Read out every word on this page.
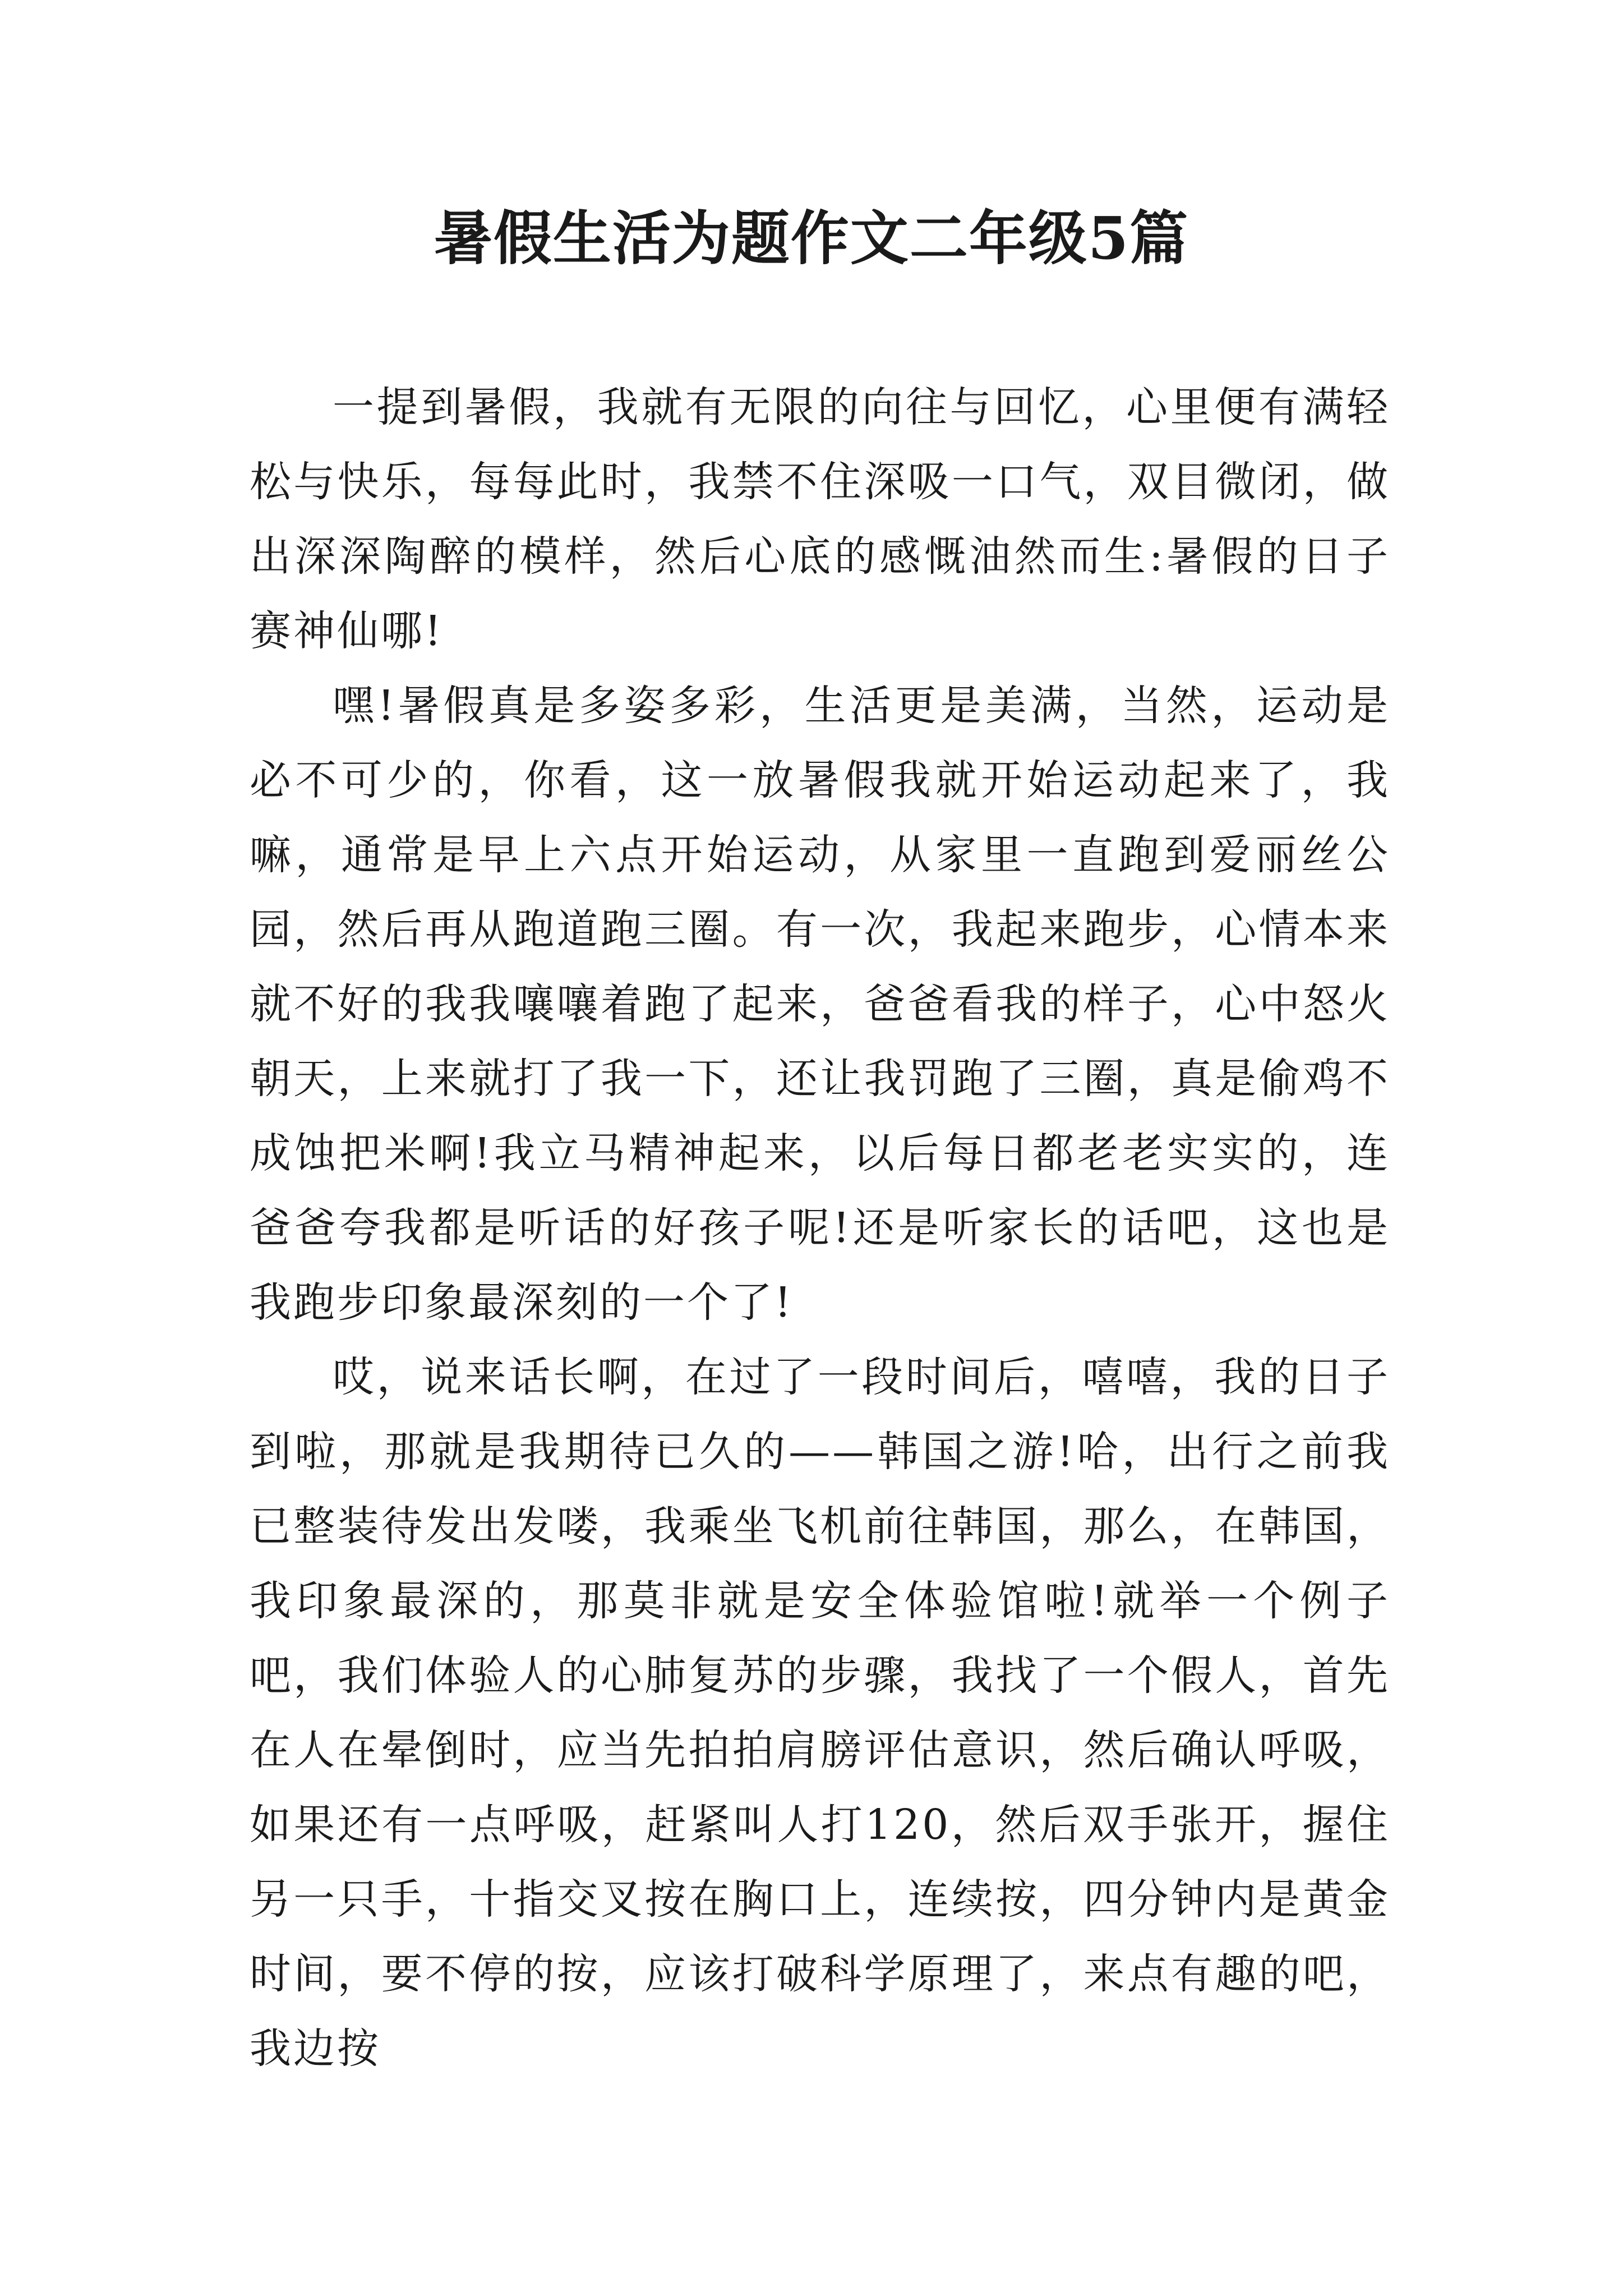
暑假生活为题作文二年级5篇

一提到暑假，我就有无限的向往与回忆，心里便有满轻松与快乐，每每此时，我禁不住深吸一口气，双目微闭，做出深深陶醉的模样，然后心底的感慨油然而生:暑假的日子赛神仙哪!

嘿!暑假真是多姿多彩，生活更是美满，当然，运动是必不可少的，你看，这一放暑假我就开始运动起来了，我嘛，通常是早上六点开始运动，从家里一直跑到爱丽丝公园，然后再从跑道跑三圈。有一次，我起来跑步，心情本来就不好的我我嚷嚷着跑了起来，爸爸看我的样子，心中怒火朝天，上来就打了我一下，还让我罚跑了三圈，真是偷鸡不成蚀把米啊!我立马精神起来，以后每日都老老实实的，连爸爸夸我都是听话的好孩子呢!还是听家长的话吧，这也是我跑步印象最深刻的一个了!

哎，说来话长啊，在过了一段时间后，嘻嘻，我的日子到啦，那就是我期待已久的——韩国之游!哈，出行之前我已整装待发出发喽，我乘坐飞机前往韩国，那么，在韩国，我印象最深的，那莫非就是安全体验馆啦!就举一个例子吧，我们体验人的心肺复苏的步骤，我找了一个假人，首先在人在晕倒时，应当先拍拍肩膀评估意识，然后确认呼吸，如果还有一点呼吸，赶紧叫人打120，然后双手张开，握住另一只手，十指交叉按在胸口上，连续按，四分钟内是黄金时间，要不停的按，应该打破科学原理了，来点有趣的吧，我边按
